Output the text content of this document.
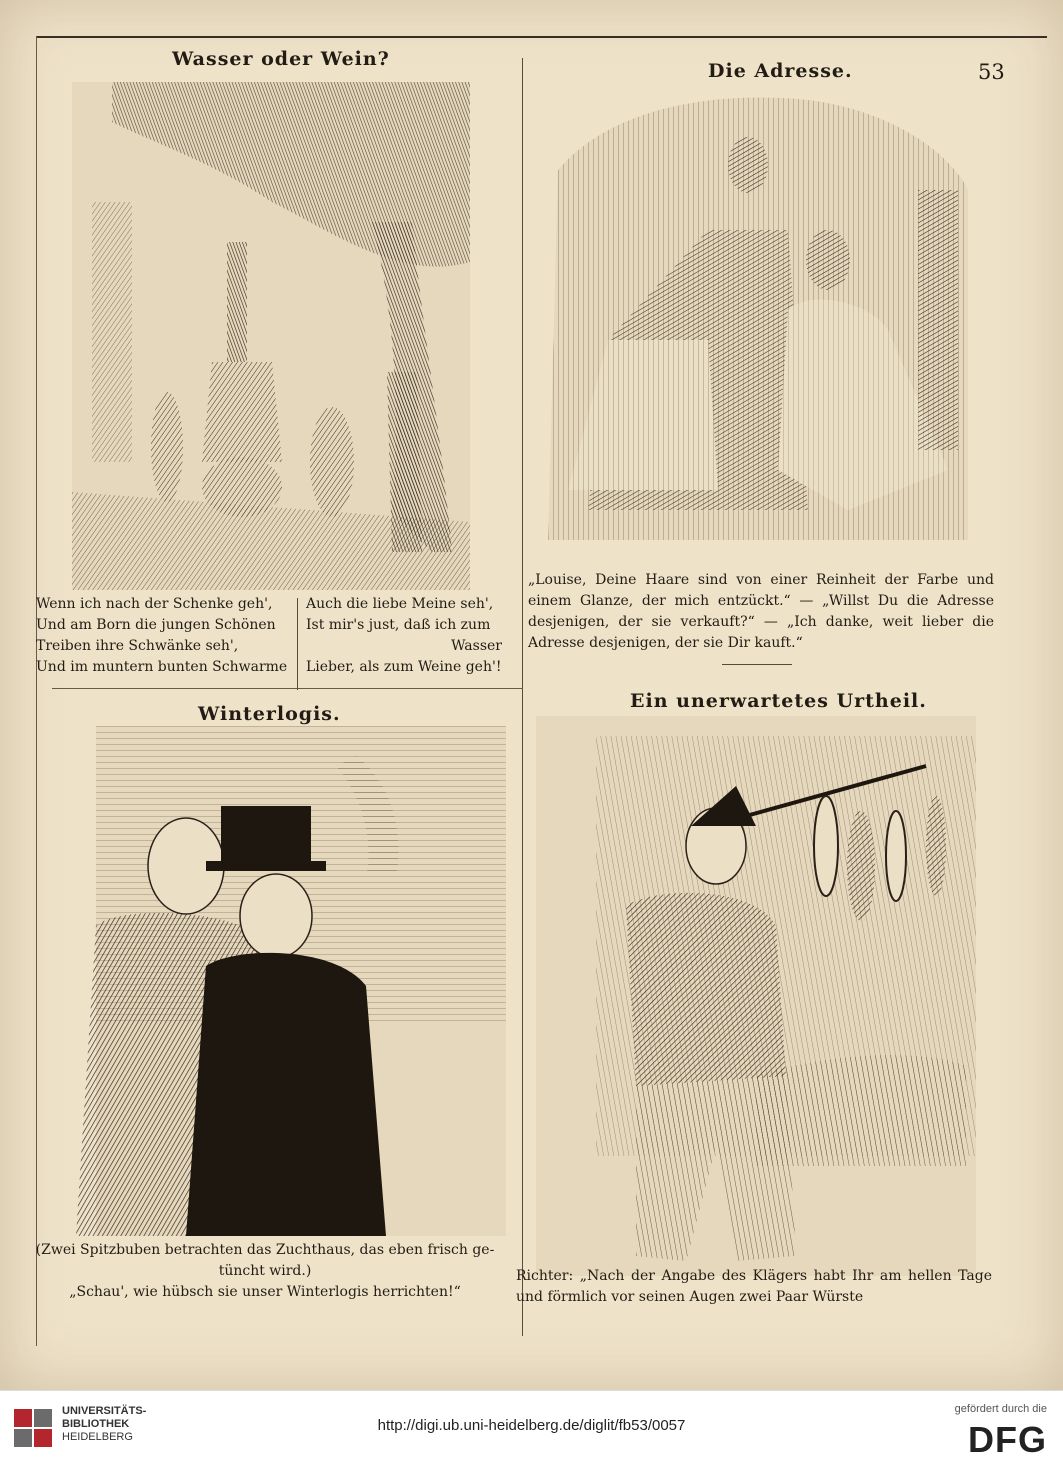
53
Wasser oder Wein?
Wenn ich nach der Schenke geh',
Und am Born die jungen Schönen
Treiben ihre Schwänke seh',
Und im muntern bunten Schwarme
Auch die liebe Meine seh',
Ist mir's just, daß ich zum
Wasser
Lieber, als zum Weine geh'!
Die Adresse.
„Louise, Deine Haare sind von einer Reinheit der Farbe und einem Glanze, der mich entzückt.“ — „Willst Du die Adresse desjenigen, der sie verkauft?“ — „Ich danke, weit lieber die Adresse desjenigen, der sie Dir kauft.“
Winterlogis.
(Zwei Spitzbuben betrachten das Zuchthaus, das eben frisch ge-tüncht wird.)
„Schau', wie hübsch sie unser Winterlogis herrichten!“
Ein unerwartetes Urtheil.
Richter: „Nach der Angabe des Klägers habt Ihr am hellen Tage und förmlich vor seinen Augen zwei Paar Würste
UNIVERSITÄTS-
BIBLIOTHEK
HEIDELBERG
http://digi.ub.uni-heidelberg.de/diglit/fb53/0057
gefördert durch die
DFG
